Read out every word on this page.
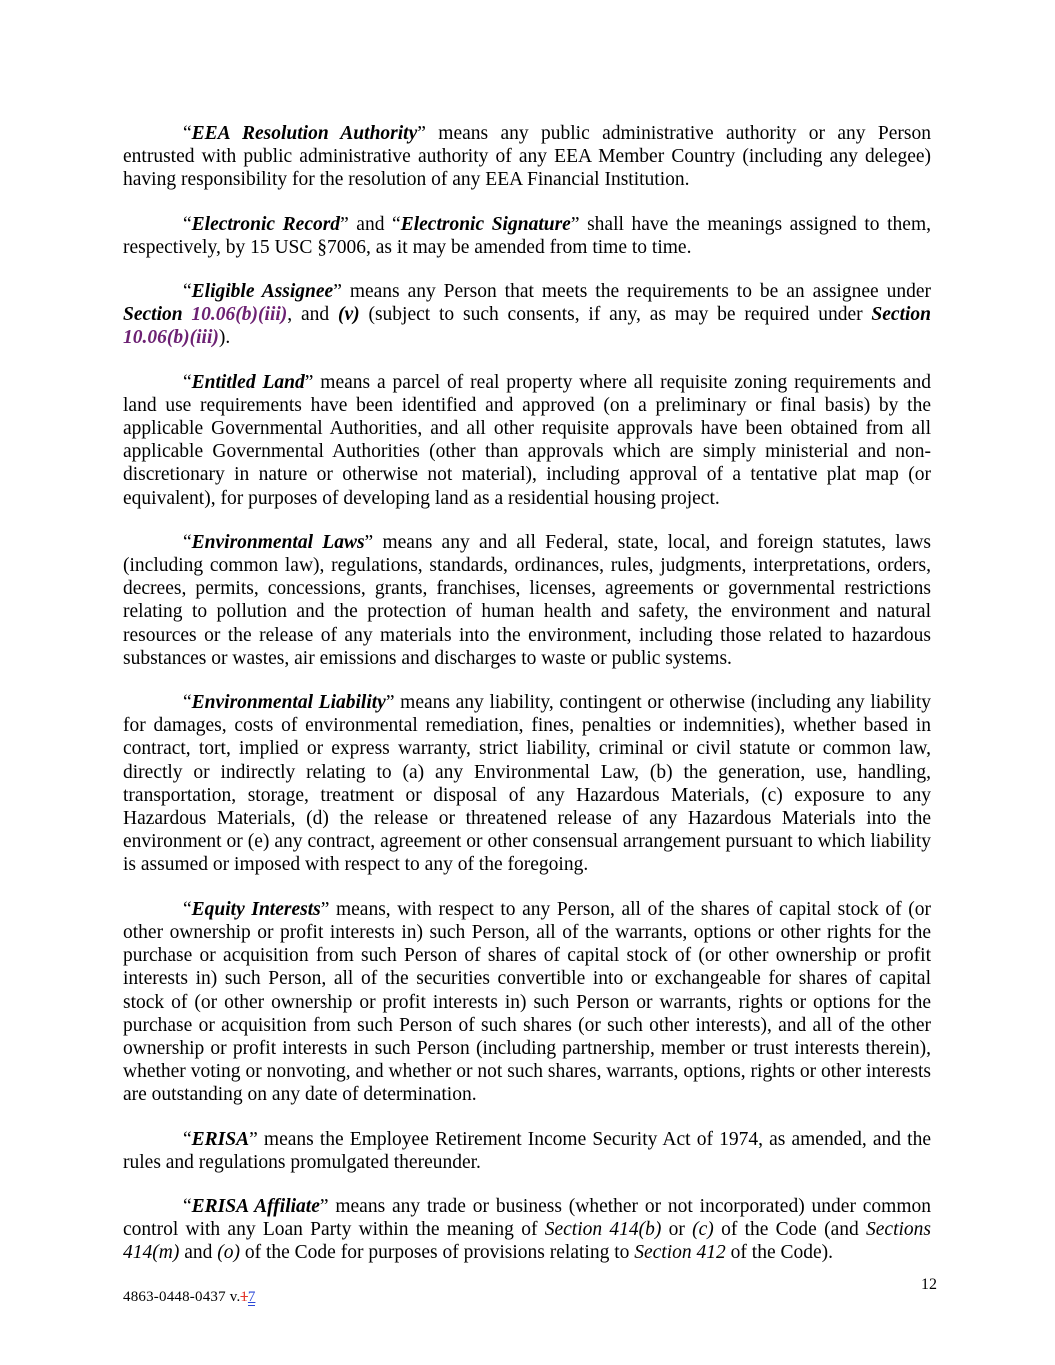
“EEA Resolution Authority” means any public administrative authority or any Person entrusted with public administrative authority of any EEA Member Country (including any delegee) having responsibility for the resolution of any EEA Financial Institution.

“Electronic Record” and “Electronic Signature” shall have the meanings assigned to them, respectively, by 15 USC §7006, as it may be amended from time to time.

“Eligible Assignee” means any Person that meets the requirements to be an assignee under Section 10.06(b)(iii), and (v) (subject to such consents, if any, as may be required under Section 10.06(b)(iii)).

“Entitled Land” means a parcel of real property where all requisite zoning requirements and land use requirements have been identified and approved (on a preliminary or final basis) by the applicable Governmental Authorities, and all other requisite approvals have been obtained from all applicable Governmental Authorities (other than approvals which are simply ministerial and non-discretionary in nature or otherwise not material), including approval of a tentative plat map (or equivalent), for purposes of developing land as a residential housing project.

“Environmental Laws” means any and all Federal, state, local, and foreign statutes, laws (including common law), regulations, standards, ordinances, rules, judgments, interpretations, orders, decrees, permits, concessions, grants, franchises, licenses, agreements or governmental restrictions relating to pollution and the protection of human health and safety, the environment and natural resources or the release of any materials into the environment, including those related to hazardous substances or wastes, air emissions and discharges to waste or public systems.

“Environmental Liability” means any liability, contingent or otherwise (including any liability for damages, costs of environmental remediation, fines, penalties or indemnities), whether based in contract, tort, implied or express warranty, strict liability, criminal or civil statute or common law, directly or indirectly relating to (a) any Environmental Law, (b) the generation, use, handling, transportation, storage, treatment or disposal of any Hazardous Materials, (c) exposure to any Hazardous Materials, (d) the release or threatened release of any Hazardous Materials into the environment or (e) any contract, agreement or other consensual arrangement pursuant to which liability is assumed or imposed with respect to any of the foregoing.

“Equity Interests” means, with respect to any Person, all of the shares of capital stock of (or other ownership or profit interests in) such Person, all of the warrants, options or other rights for the purchase or acquisition from such Person of shares of capital stock of (or other ownership or profit interests in) such Person, all of the securities convertible into or exchangeable for shares of capital stock of (or other ownership or profit interests in) such Person or warrants, rights or options for the purchase or acquisition from such Person of such shares (or such other interests), and all of the other ownership or profit interests in such Person (including partnership, member or trust interests therein), whether voting or nonvoting, and whether or not such shares, warrants, options, rights or other interests are outstanding on any date of determination.

“ERISA” means the Employee Retirement Income Security Act of 1974, as amended, and the rules and regulations promulgated thereunder.

“ERISA Affiliate” means any trade or business (whether or not incorporated) under common control with any Loan Party within the meaning of Section 414(b) or (c) of the Code (and Sections 414(m) and (o) of the Code for purposes of provisions relating to Section 412 of the Code).

12
4863-0448-0437 v.17
